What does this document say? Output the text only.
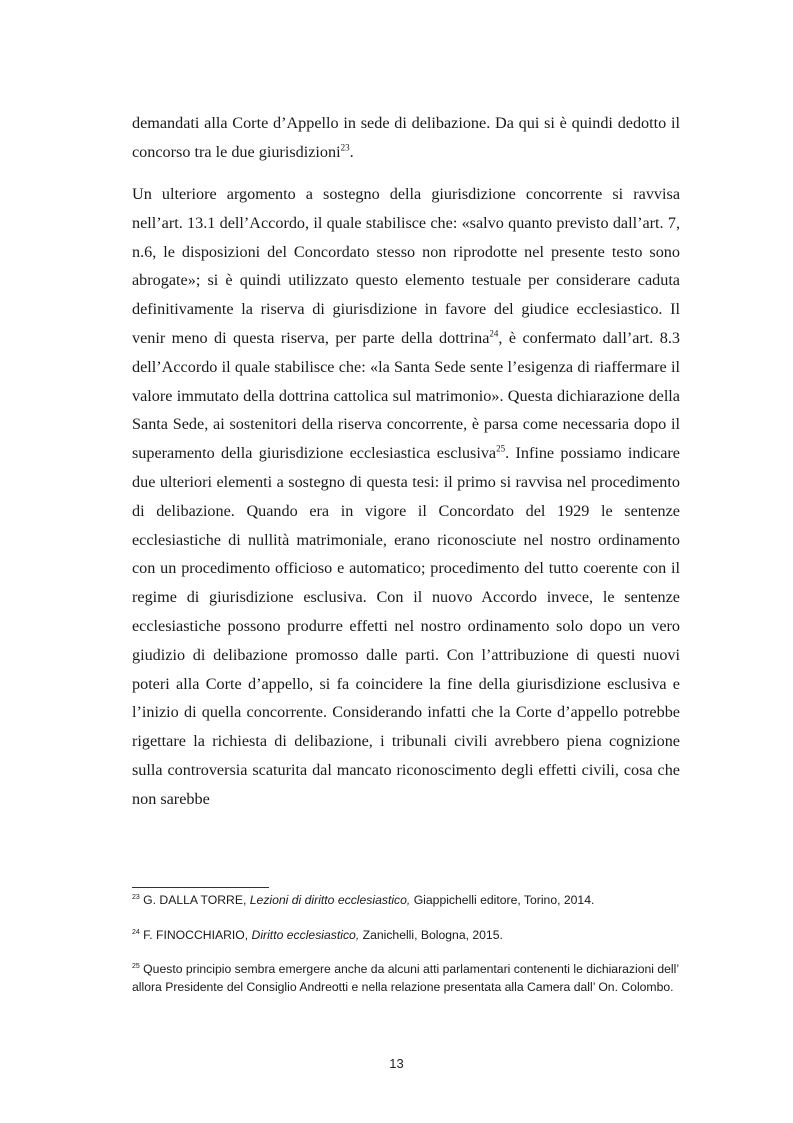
demandati alla Corte d’Appello in sede di delibazione. Da qui si è quindi dedotto il concorso tra le due giurisdizioni$^{23}$.

Un ulteriore argomento a sostegno della giurisdizione concorrente si ravvisa nell’art. 13.1 dell’Accordo, il quale stabilisce che: «salvo quanto previsto dall’art. 7, n.6, le disposizioni del Concordato stesso non riprodotte nel presente testo sono abrogate»; si è quindi utilizzato questo elemento testuale per considerare caduta definitivamente la riserva di giurisdizione in favore del giudice ecclesiastico. Il venir meno di questa riserva, per parte della dottrina$^{24}$, è confermato dall’art. 8.3 dell’Accordo il quale stabilisce che: «la Santa Sede sente l’esigenza di riaffermare il valore immutato della dottrina cattolica sul matrimonio». Questa dichiarazione della Santa Sede, ai sostenitori della riserva concorrente, è parsa come necessaria dopo il superamento della giurisdizione ecclesiastica esclusiva$^{25}$. Infine possiamo indicare due ulteriori elementi a sostegno di questa tesi: il primo si ravvisa nel procedimento di delibazione. Quando era in vigore il Concordato del 1929 le sentenze ecclesiastiche di nullità matrimoniale, erano riconosciute nel nostro ordinamento con un procedimento officioso e automatico; procedimento del tutto coerente con il regime di giurisdizione esclusiva. Con il nuovo Accordo invece, le sentenze ecclesiastiche possono produrre effetti nel nostro ordinamento solo dopo un vero giudizio di delibazione promosso dalle parti. Con l’attribuzione di questi nuovi poteri alla Corte d’appello, si fa coincidere la fine della giurisdizione esclusiva e l’inizio di quella concorrente. Considerando infatti che la Corte d’appello potrebbe rigettare la richiesta di delibazione, i tribunali civili avrebbero piena cognizione sulla controversia scaturita dal mancato riconoscimento degli effetti civili, cosa che non sarebbe

$^{23}$ G. DALLA TORRE, Lezioni di diritto ecclesiastico, Giappichelli editore, Torino, 2014.
$^{24}$ F. FINOCCHIARIO, Diritto ecclesiastico, Zanichelli, Bologna, 2015.
$^{25}$ Questo principio sembra emergere anche da alcuni atti parlamentari contenenti le dichiarazioni dell’ allora Presidente del Consiglio Andreotti e nella relazione presentata alla Camera dall’ On. Colombo.
13
